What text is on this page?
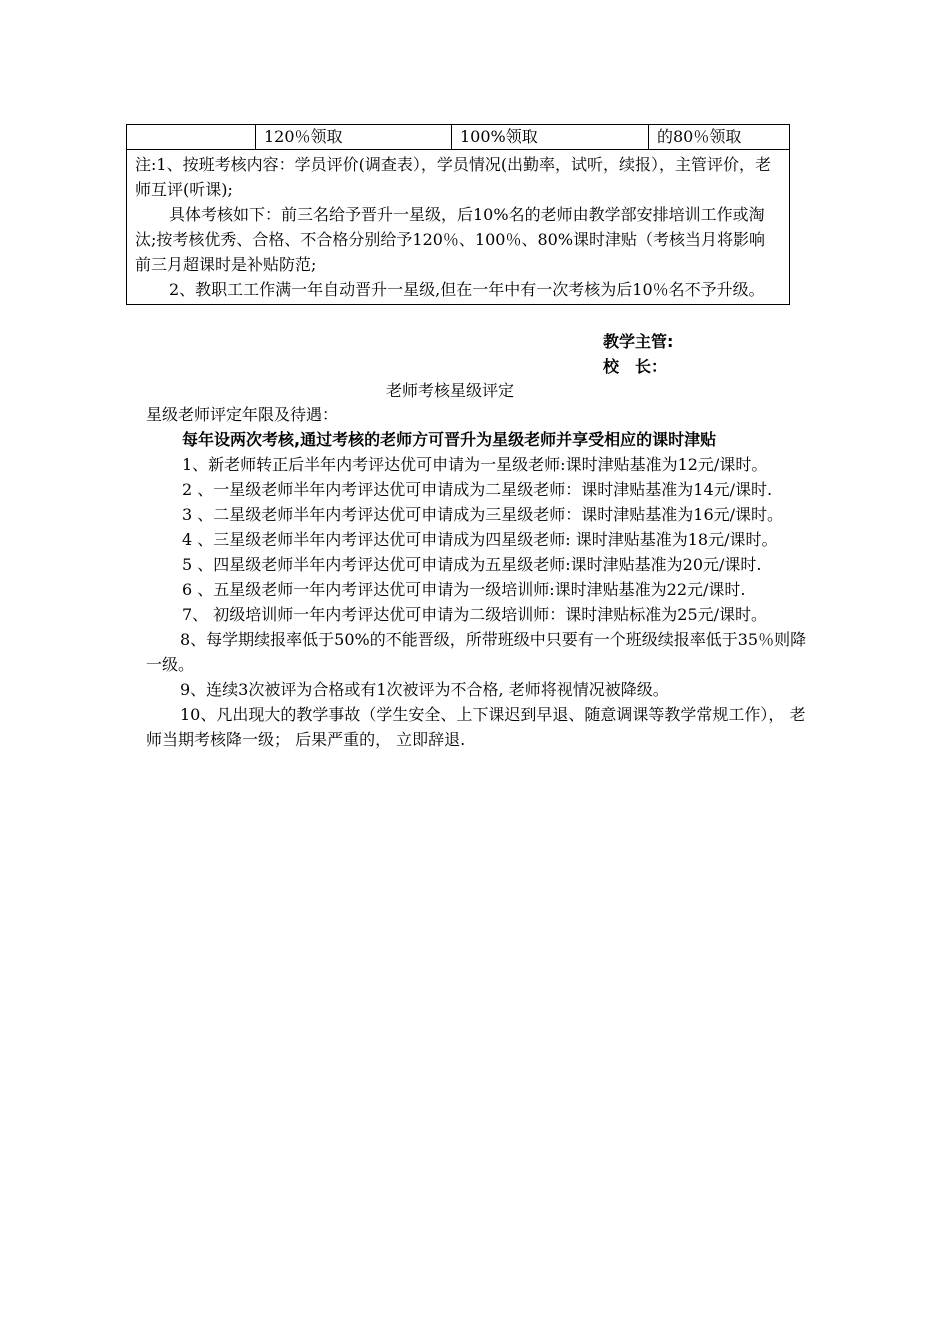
	120％领取	100%领取	的80％领取

注:1、按班考核内容：学员评价(调查表），学员情况(出勤率，试听，续报），主管评价，老师互评(听课);

具体考核如下：前三名给予晋升一星级，后10%名的老师由教学部安排培训工作或淘汰;按考核优秀、合格、不合格分别给予120％、100％、80%课时津贴（考核当月将影响前三月超课时是补贴防范;

2、教职工工作满一年自动晋升一星级,但在一年中有一次考核为后10％名不予升级。

教学主管:
校　长：
老师考核星级评定

星级老师评定年限及待遇：

每年设两次考核,通过考核的老师方可晋升为星级老师并享受相应的课时津贴

1、新老师转正后半年内考评达优可申请为一星级老师:课时津贴基准为12元/课时。

2 、一星级老师半年内考评达优可申请成为二星级老师：课时津贴基准为14元/课时.

3 、二星级老师半年内考评达优可申请成为三星级老师：课时津贴基准为16元/课时。

4 、三星级老师半年内考评达优可申请成为四星级老师: 课时津贴基准为18元/课时。

5 、四星级老师半年内考评达优可申请成为五星级老师:课时津贴基准为20元/课时.

6 、五星级老师一年内考评达优可申请为一级培训师:课时津贴基准为22元/课时.

7、 初级培训师一年内考评达优可申请为二级培训师：课时津贴标准为25元/课时。

8、每学期续报率低于50%的不能晋级，所带班级中只要有一个班级续报率低于35％则降一级。

9、连续3次被评为合格或有1次被评为不合格, 老师将视情况被降级。

10、凡出现大的教学事故（学生安全、上下课迟到早退、随意调课等教学常规工作）， 老师当期考核降一级； 后果严重的， 立即辞退.
